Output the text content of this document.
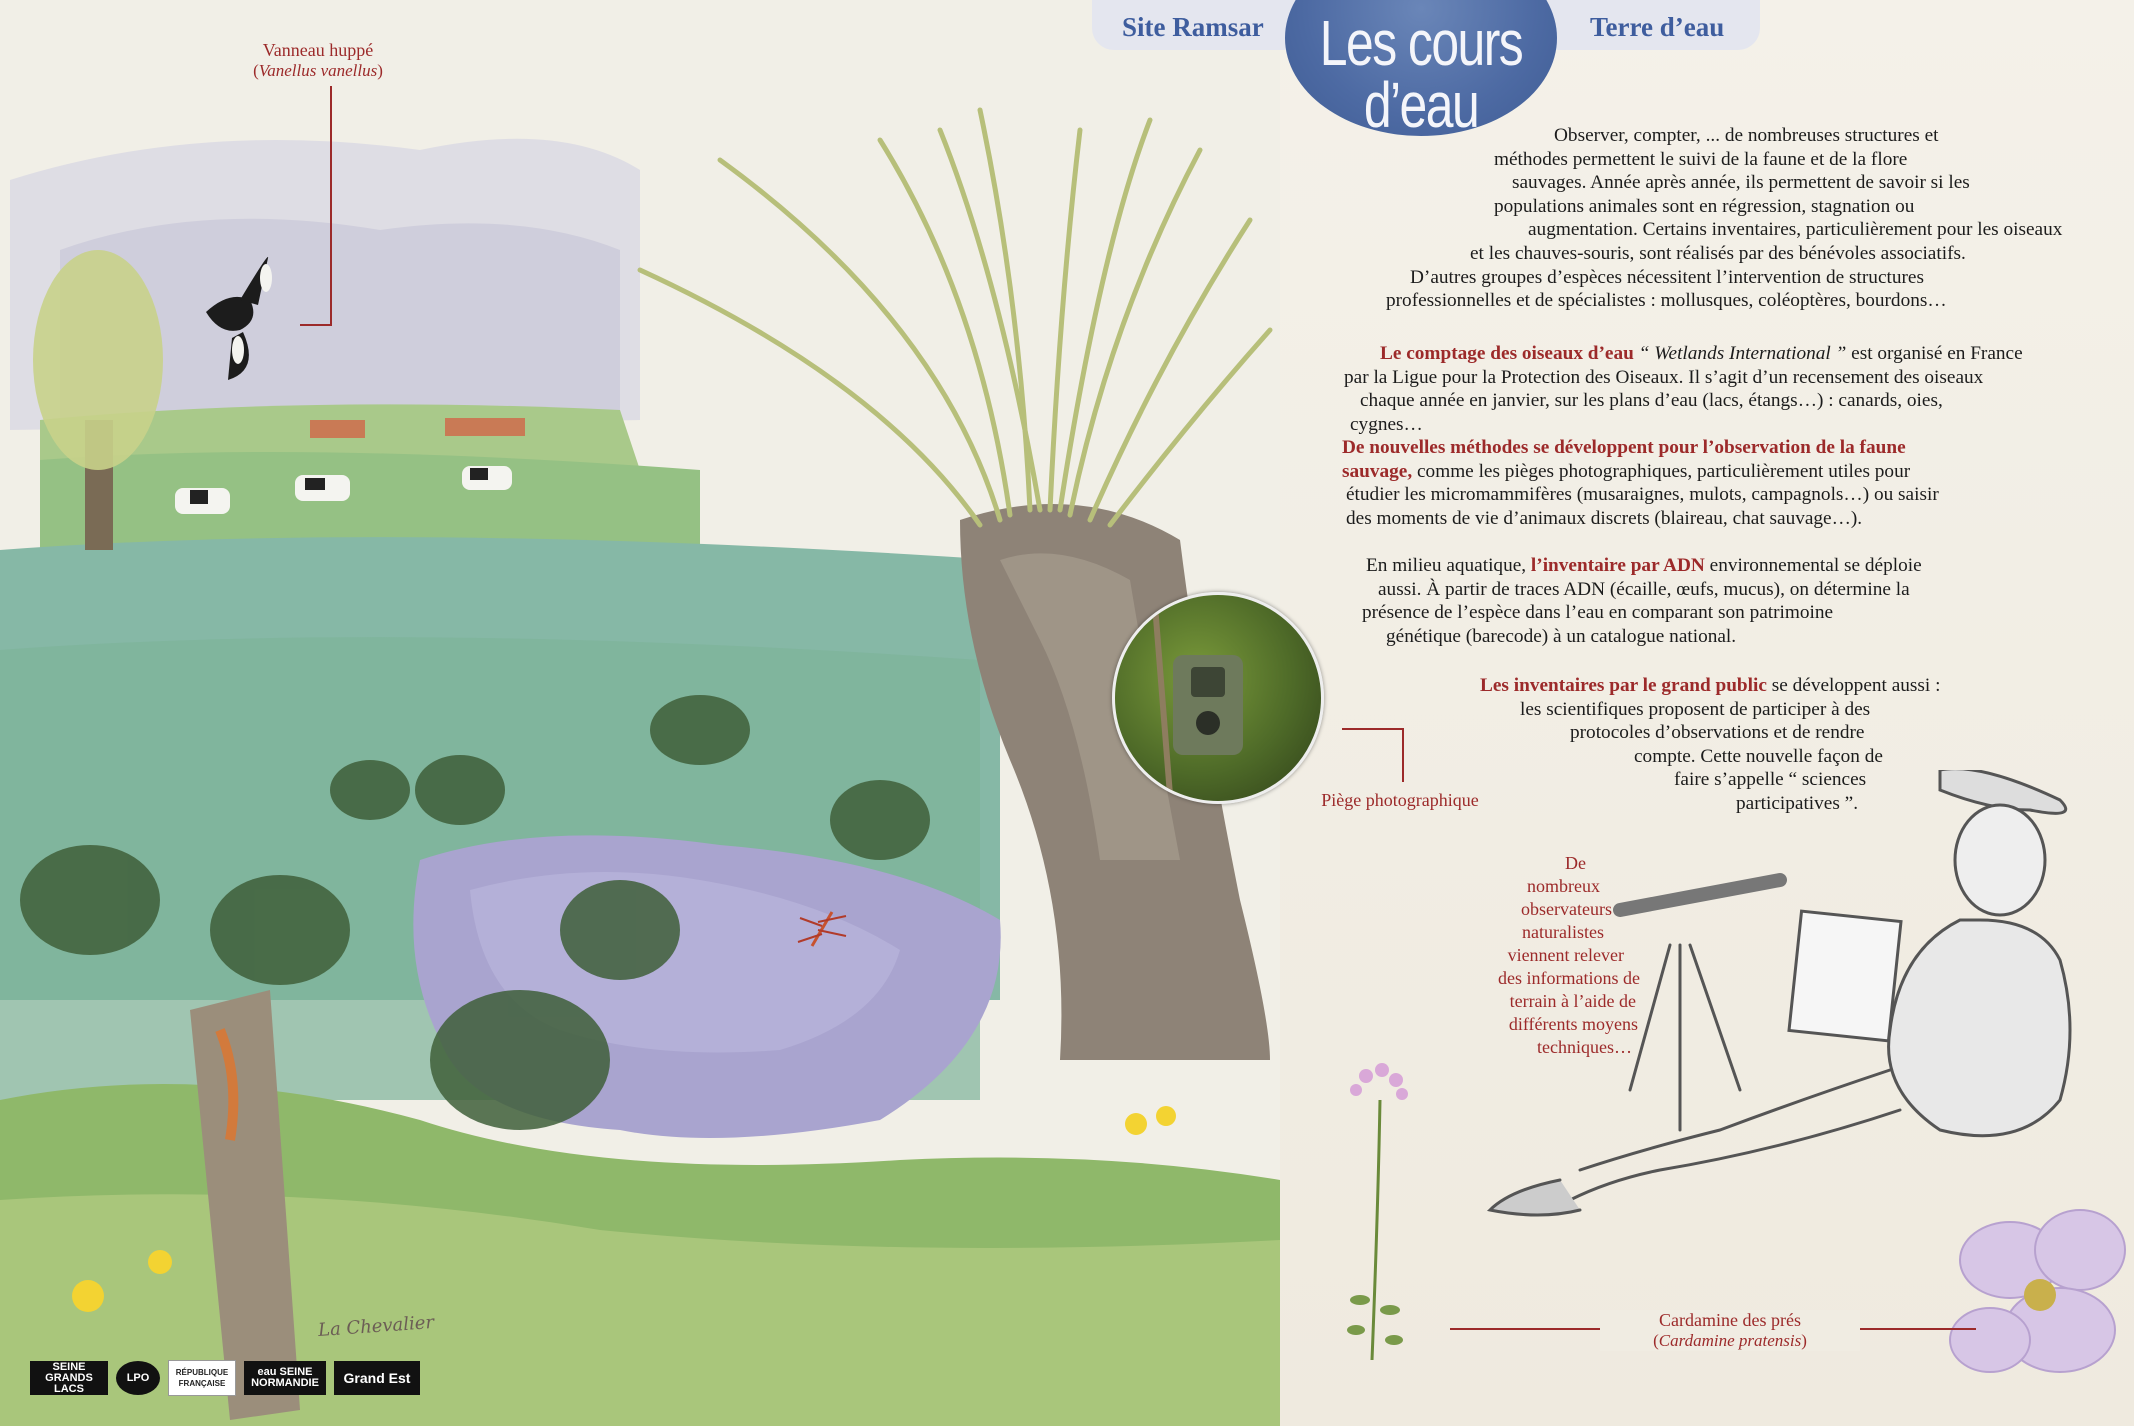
Vanneau huppé
(Vanellus vanellus)
Piège photographique
Site Ramsar	Terre d’eau
Les cours d’eau	Observer, compter, ... de nombreuses structures et
méthodes permettent le suivi de la faune et de la flore
sauvages. Année après année, ils permettent de savoir si les
populations animales sont en régression, stagnation ou
augmentation. Certains inventaires, particulièrement pour les oiseaux
et les chauves-souris, sont réalisés par des bénévoles associatifs.
D’autres groupes d’espèces nécessitent l’intervention de structures
professionnelles et de spécialistes : mollusques, coléoptères, bourdons…
Le comptage des oiseaux d’eau “ Wetlands International ” est organisé en France
par la Ligue pour la Protection des Oiseaux. Il s’agit d’un recensement des oiseaux
chaque année en janvier, sur les plans d’eau (lacs, étangs…) : canards, oies,
cygnes…
De nouvelles méthodes se développent pour l’observation de la faune
sauvage, comme les pièges photographiques, particulièrement utiles pour
étudier les micromammifères (musaraignes, mulots, campagnols…) ou saisir
des moments de vie d’animaux discrets (blaireau, chat sauvage…).
En milieu aquatique, l’inventaire par ADN environnemental se déploie
aussi. À partir de traces ADN (écaille, œufs, mucus), on détermine la
présence de l’espèce dans l’eau en comparant son patrimoine
génétique (barecode) à un catalogue national.
Les inventaires par le grand public se développent aussi :
les scientifiques proposent de participer à des
protocoles d’observations et de rendre
compte. Cette nouvelle façon de
faire s’appelle “ sciences
participatives ”.
De
nombreux
observateurs
naturalistes
viennent relever
des informations de
terrain à l’aide de
différents moyens
techniques…
Cardamine des prés
(Cardamine pratensis)
La Chevalier
SEINE GRANDS LACS
LPO	RÉPUBLIQUE FRANÇAISE
eau SEINE NORMANDIE	Grand Est
